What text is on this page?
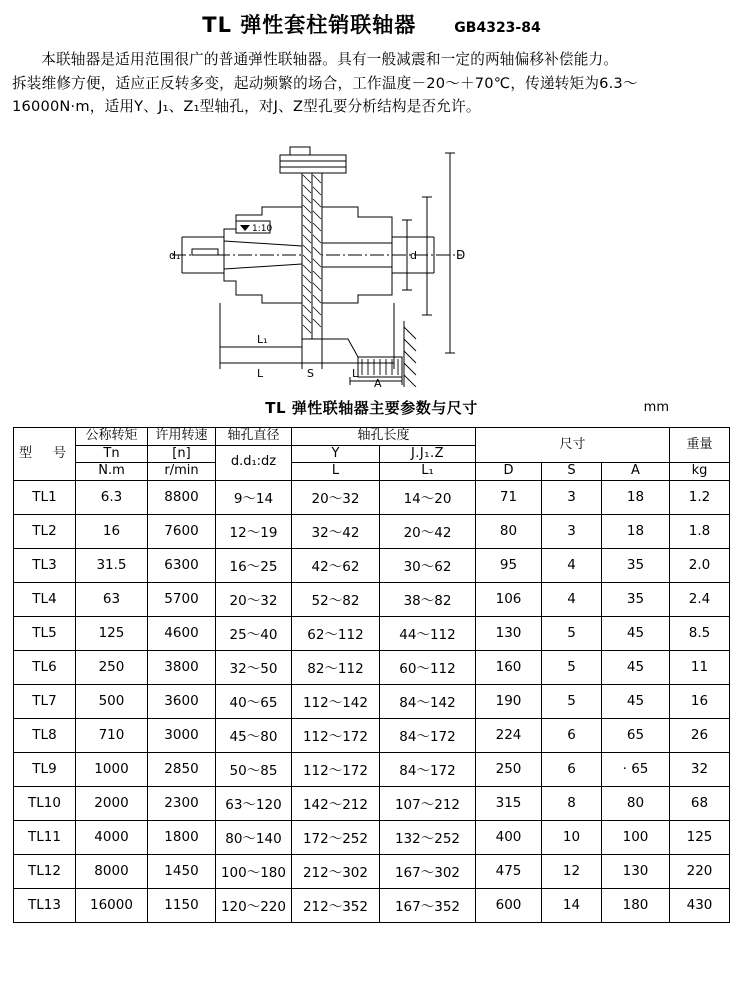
TL 弹性套柱销联轴器	GB4323-84

本联轴器是适用范围很广的普通弹性联轴器。具有一般减震和一定的两轴偏移补偿能力。

拆装维修方便，适应正反转多变，起动频繁的场合，工作温度－20～＋70℃，传递转矩为6.3～

16000N·m，适用Y、J₁、Z₁型轴孔，对J、Z型孔要分析结构是否允许。

1:10
d₁	d	D
L₁
L	S	L
A
TL 弹性联轴器主要参数与尺寸	mm
型　号	公称转矩	许用转速	轴孔直径	轴孔长度		尺寸			重量
	Tn	[n]	d.d₁:dz	Y	J.J₁.Z				
	N.m	r/min		L	L₁	D	S	A	kg
TL1	6.3	8800	9～14	20～32	14～20	71	3	18	1.2
TL2	16	7600	12～19	32～42	20～42	80	3	18	1.8
TL3	31.5	6300	16～25	42～62	30～62	95	4	35	2.0
TL4	63	5700	20～32	52～82	38～82	106	4	35	2.4
TL5	125	4600	25～40	62～112	44～112	130	5	45	8.5
TL6	250	3800	32～50	82～112	60～112	160	5	45	11
TL7	500	3600	40～65	112～142	84～142	190	5	45	16
TL8	710	3000	45～80	112～172	84～172	224	6	65	26
TL9	1000	2850	50～85	112～172	84～172	250	6	· 65	32
TL10	2000	2300	63～120	142～212	107～212	315	8	80	68
TL11	4000	1800	80～140	172～252	132～252	400	10	100	125
TL12	8000	1450	100～180	212～302	167～302	475	12	130	220
TL13	16000	1150	120～220	212～352	167～352	600	14	180	430
